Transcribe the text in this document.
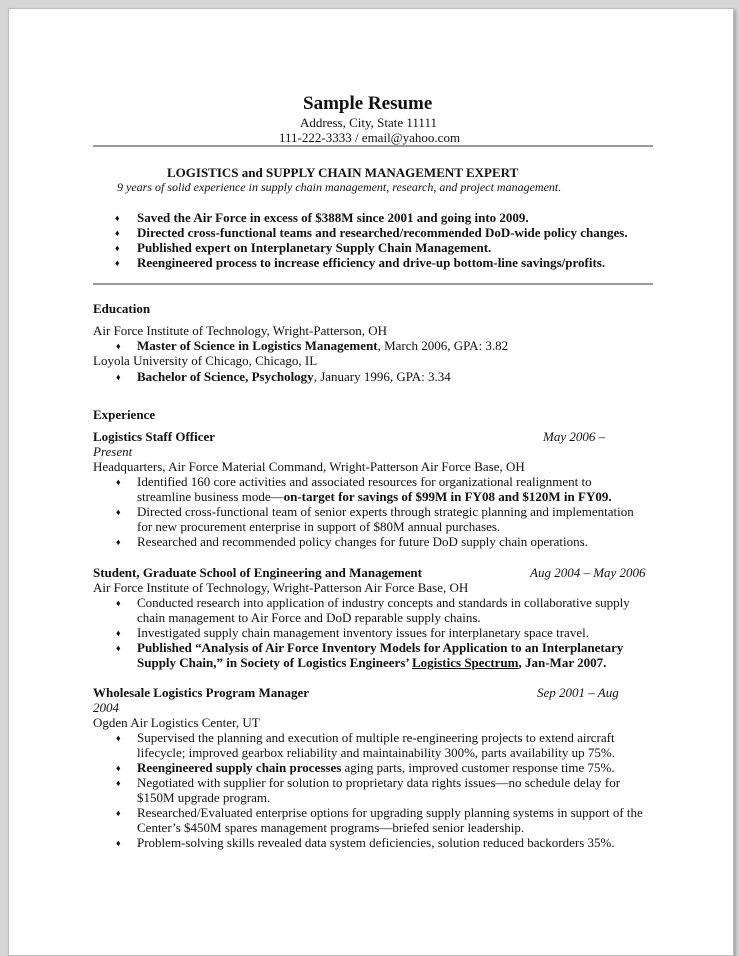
Sample Resume
Address, City, State 11111
111-222-3333 / email@yahoo.com
LOGISTICS and SUPPLY CHAIN MANAGEMENT EXPERT
9 years of solid experience in supply chain management, research, and project management.
♦ Saved the Air Force in excess of $388M since 2001 and going into 2009.
♦ Directed cross-functional teams and researched/recommended DoD-wide policy changes.
♦ Published expert on Interplanetary Supply Chain Management.
♦ Reengineered process to increase efficiency and drive-up bottom-line savings/profits.
Education
Air Force Institute of Technology, Wright-Patterson, OH
♦ Master of Science in Logistics Management, March 2006, GPA: 3.82
Loyola University of Chicago, Chicago, IL
♦ Bachelor of Science, Psychology, January 1996, GPA: 3.34
Experience
Logistics Staff Officer	May 2006 –
Present
Headquarters, Air Force Material Command, Wright-Patterson Air Force Base, OH
♦ Identified 160 core activities and associated resources for organizational realignment to
streamline business mode—on-target for savings of $99M in FY08 and $120M in FY09.
♦ Directed cross-functional team of senior experts through strategic planning and implementation
for new procurement enterprise in support of $80M annual purchases.
♦ Researched and recommended policy changes for future DoD supply chain operations.
Student, Graduate School of Engineering and Management	Aug 2004 – May 2006
Air Force Institute of Technology, Wright-Patterson Air Force Base, OH
♦ Conducted research into application of industry concepts and standards in collaborative supply
chain management to Air Force and DoD reparable supply chains.
♦ Investigated supply chain management inventory issues for interplanetary space travel.
♦ Published “Analysis of Air Force Inventory Models for Application to an Interplanetary
Supply Chain,” in Society of Logistics Engineers’ Logistics Spectrum, Jan-Mar 2007.
Wholesale Logistics Program Manager	Sep 2001 – Aug
2004
Ogden Air Logistics Center, UT
♦ Supervised the planning and execution of multiple re-engineering projects to extend aircraft
lifecycle; improved gearbox reliability and maintainability 300%, parts availability up 75%.
♦ Reengineered supply chain processes aging parts, improved customer response time 75%.
♦ Negotiated with supplier for solution to proprietary data rights issues—no schedule delay for
$150M upgrade program.
♦ Researched/Evaluated enterprise options for upgrading supply planning systems in support of the
Center’s $450M spares management programs—briefed senior leadership.
♦ Problem-solving skills revealed data system deficiencies, solution reduced backorders 35%.
